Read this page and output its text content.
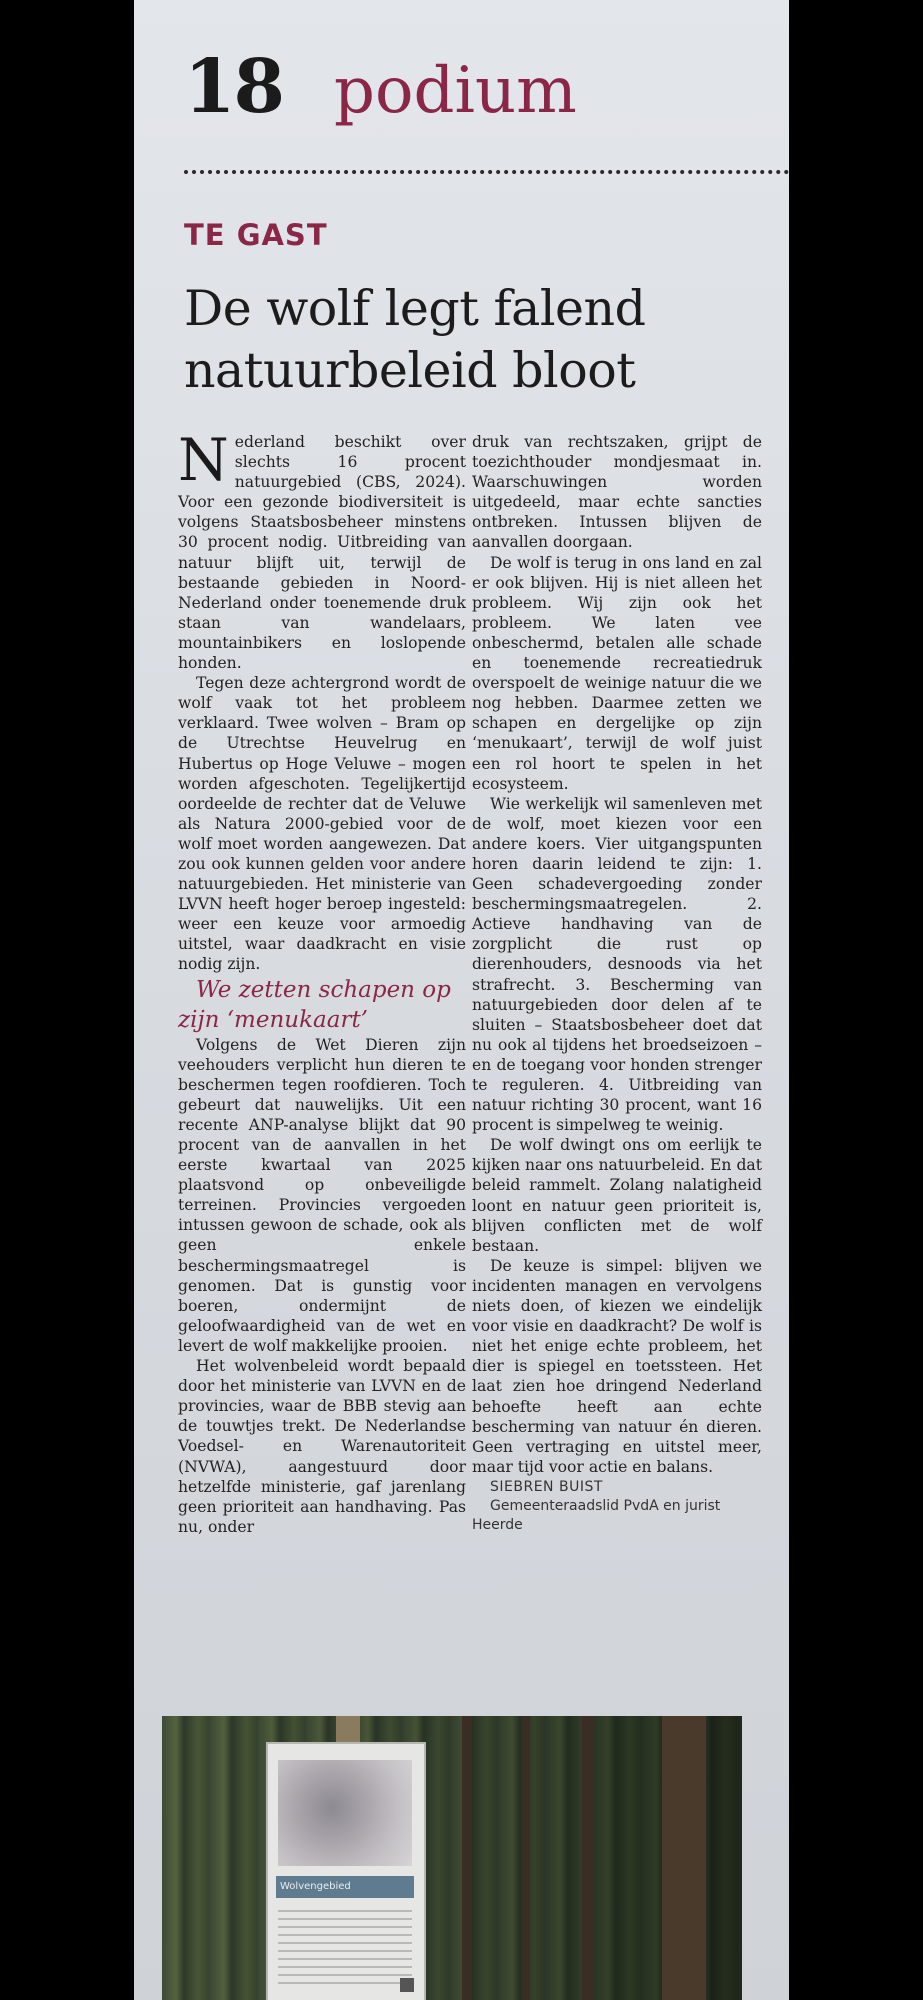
18 podium
TE GAST
De wolf legt falend natuurbeleid bloot

Nederland beschikt over slechts 16 procent natuurgebied (CBS, 2024). Voor een gezonde biodiversiteit is volgens Staatsbosbeheer minstens 30 procent nodig. Uitbreiding van natuur blijft uit, terwijl de bestaande gebieden in Noord-Nederland onder toenemende druk staan van wandelaars, mountainbikers en loslopende honden.

Tegen deze achtergrond wordt de wolf vaak tot het probleem verklaard. Twee wolven – Bram op de Utrechtse Heuvelrug en Hubertus op Hoge Veluwe – mogen worden afgeschoten. Tegelijkertijd oordeelde de rechter dat de Veluwe als Natura 2000-gebied voor de wolf moet worden aangewezen. Dat zou ook kunnen gelden voor andere natuurgebieden. Het ministerie van LVVN heeft hoger beroep ingesteld: weer een keuze voor armoedig uitstel, waar daadkracht en visie nodig zijn.

We zetten schapen op zijn ‘menukaart’

Volgens de Wet Dieren zijn veehouders verplicht hun dieren te beschermen tegen roofdieren. Toch gebeurt dat nauwelijks. Uit een recente ANP-analyse blijkt dat 90 procent van de aanvallen in het eerste kwartaal van 2025 plaatsvond op onbeveiligde terreinen. Provincies vergoeden intussen gewoon de schade, ook als geen enkele beschermingsmaatregel is genomen. Dat is gunstig voor boeren, ondermijnt de geloofwaardigheid van de wet en levert de wolf makkelijke prooien.

Het wolvenbeleid wordt bepaald door het ministerie van LVVN en de provincies, waar de BBB stevig aan de touwtjes trekt. De Nederlandse Voedsel- en Warenautoriteit (NVWA), aangestuurd door hetzelfde ministerie, gaf jarenlang geen prioriteit aan handhaving. Pas nu, onder

druk van rechtszaken, grijpt de toezichthouder mondjesmaat in. Waarschuwingen worden uitgedeeld, maar echte sancties ontbreken. Intussen blijven de aanvallen doorgaan.

De wolf is terug in ons land en zal er ook blijven. Hij is niet alleen het probleem. Wij zijn ook het probleem. We laten vee onbeschermd, betalen alle schade en toenemende recreatiedruk overspoelt de weinige natuur die we nog hebben. Daarmee zetten we schapen en dergelijke op zijn ‘menukaart’, terwijl de wolf juist een rol hoort te spelen in het ecosysteem.

Wie werkelijk wil samenleven met de wolf, moet kiezen voor een andere koers. Vier uitgangspunten horen daarin leidend te zijn: 1. Geen schadevergoeding zonder beschermingsmaatregelen. 2. Actieve handhaving van de zorgplicht die rust op dierenhouders, desnoods via het strafrecht. 3. Bescherming van natuurgebieden door delen af te sluiten – Staatsbosbeheer doet dat nu ook al tijdens het broedseizoen – en de toegang voor honden strenger te reguleren. 4. Uitbreiding van natuur richting 30 procent, want 16 procent is simpelweg te weinig.

De wolf dwingt ons om eerlijk te kijken naar ons natuurbeleid. En dat beleid rammelt. Zolang nalatigheid loont en natuur geen prioriteit is, blijven conflicten met de wolf bestaan.

De keuze is simpel: blijven we incidenten managen en vervolgens niets doen, of kiezen we eindelijk voor visie en daadkracht? De wolf is niet het enige echte probleem, het dier is spiegel en toetssteen. Het laat zien hoe dringend Nederland behoefte heeft aan echte bescherming van natuur én dieren. Geen vertraging en uitstel meer, maar tijd voor actie en balans.

SIEBREN BUIST

Gemeenteraadslid PvdA en jurist Heerde

Wolvengebied
